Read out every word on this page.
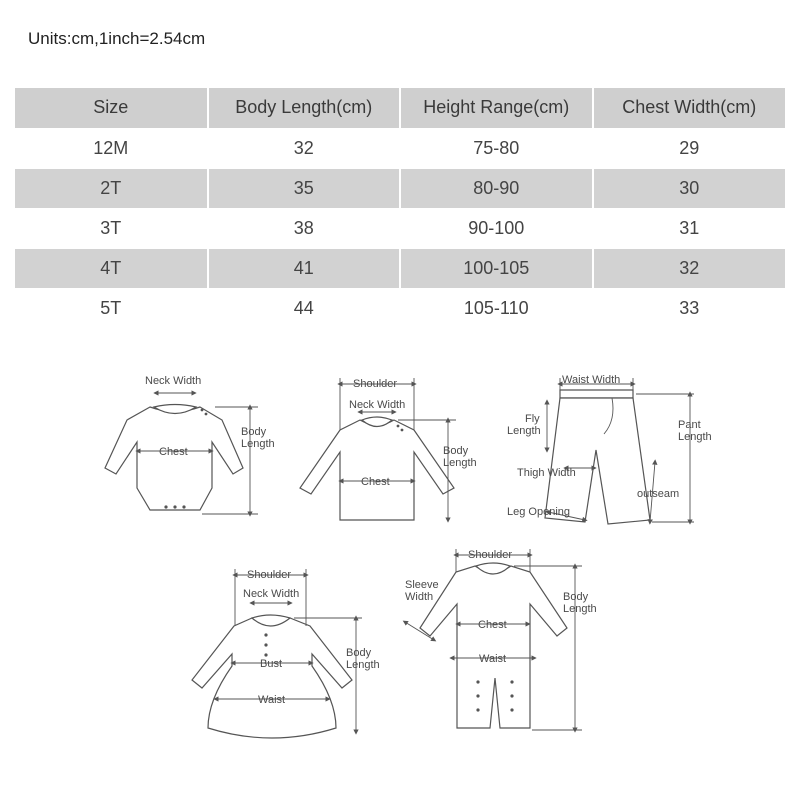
Units:cm,1inch=2.54cm
Size	Body Length(cm)	Height Range(cm)	Chest Width(cm)
12M	32	75-80	29
2T	35	80-90	30
3T	38	90-100	31
4T	41	100-105	32
5T	44	105-110	33
Neck Width
Chest
Body
Length
Shoulder
Neck Width
Chest
Body
Length
Waist Width
Fly
Length	Pant
Length
Thigh Width
outseam
Leg Opening
Shoulder
Neck Width
Bust
Waist
Body
Length
Shoulder
Sleeve
Width
Chest
Waist
Body
Length
